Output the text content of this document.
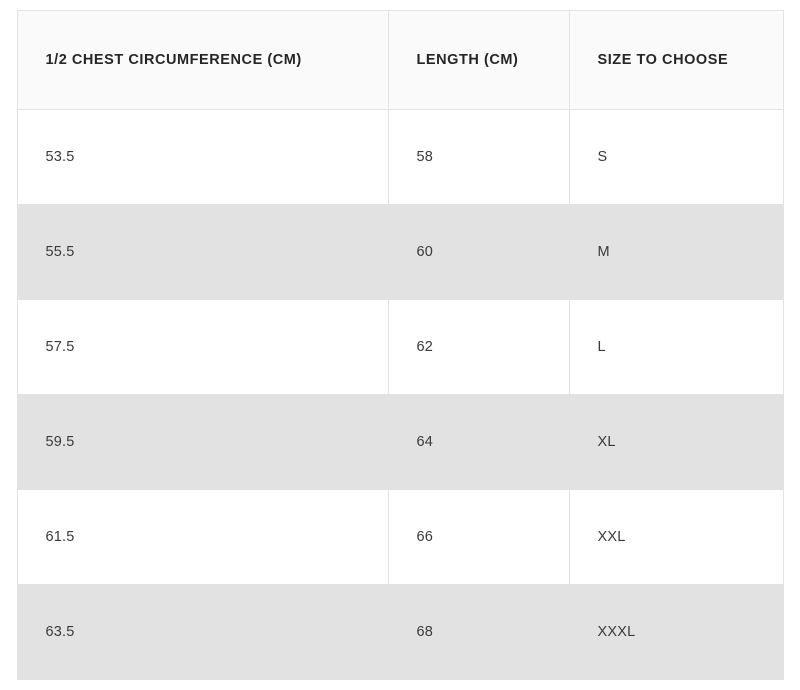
1/2 CHEST CIRCUMFERENCE (CM)	LENGTH (CM)	SIZE TO CHOOSE
53.5	58	S
55.5	60	M
57.5	62	L
59.5	64	XL
61.5	66	XXL
63.5	68	XXXL
